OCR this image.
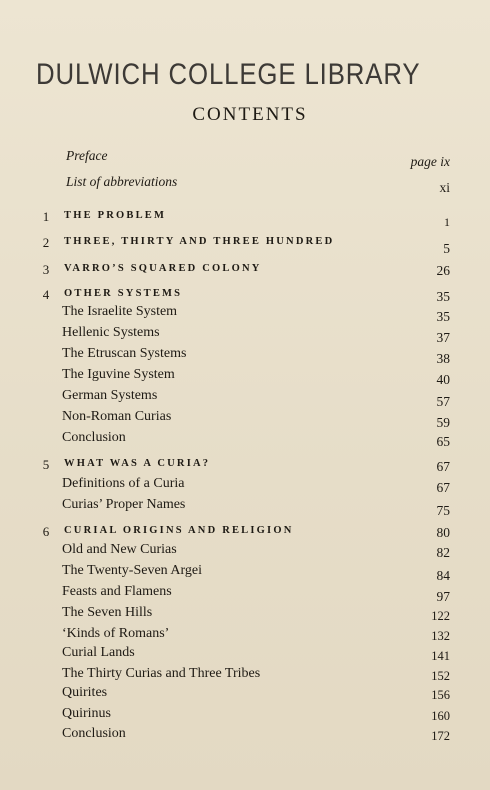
DULWICH COLLEGE LIBRARY
CONTENTS
Preface	page ix
List of abbreviations	xi
1 THE PROBLEM	1
2 THREE, THIRTY AND THREE HUNDRED	5
3 VARRO’S SQUARED COLONY	26
4 OTHER SYSTEMS	35
The Israelite System	35
Hellenic Systems	37
The Etruscan Systems	38
The Iguvine System	40
German Systems	57
Non-Roman Curias	59
Conclusion	65
5 WHAT WAS A CURIA?	67
Definitions of a Curia	67
Curias’ Proper Names	75
6 CURIAL ORIGINS AND RELIGION	80
Old and New Curias	82
The Twenty-Seven Argei	84
Feasts and Flamens	97
The Seven Hills	122
‘Kinds of Romans’	132
Curial Lands	141
The Thirty Curias and Three Tribes	152
Quirites	156
Quirinus	160
Conclusion	172
